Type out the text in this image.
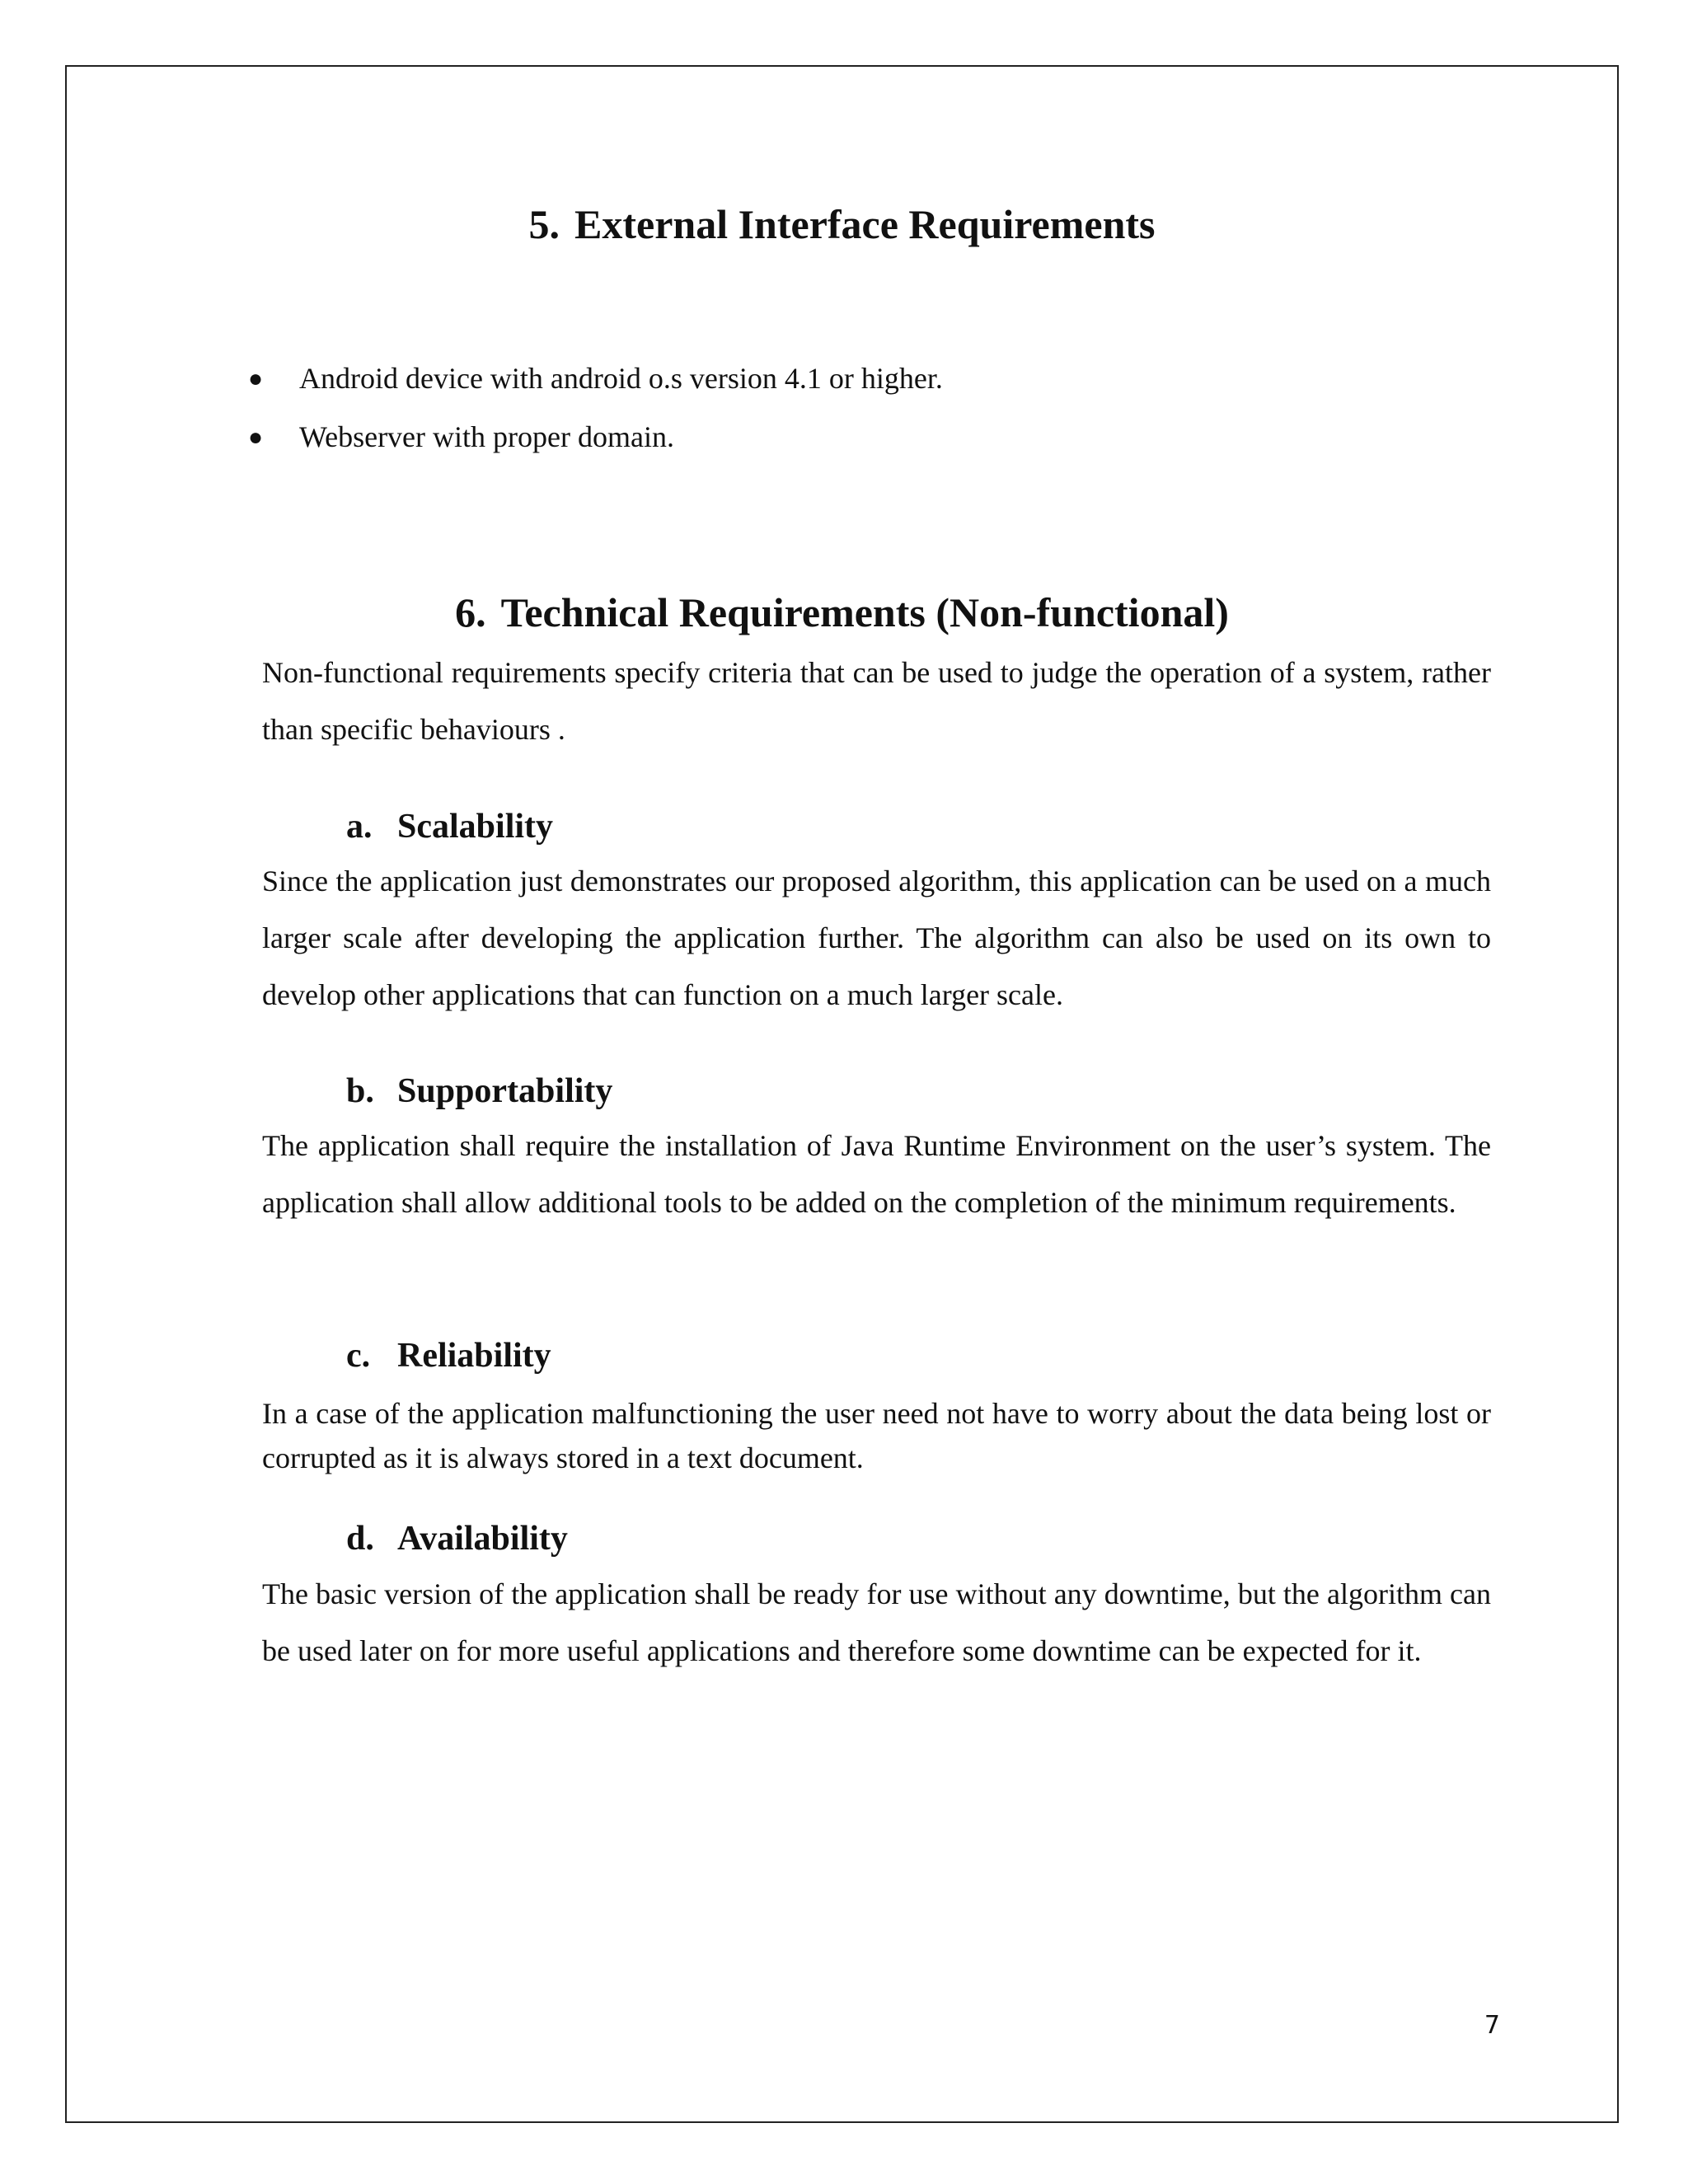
5. External Interface Requirements
● Android device with android o.s version 4.1 or higher.
● Webserver with proper domain.
6. Technical Requirements (Non-functional)

Non-functional requirements specify criteria that can be used to judge the operation of a system, rather than specific behaviours .

a. Scalability

Since the application just demonstrates our proposed algorithm, this application can be used on a much larger scale after developing the application further. The algorithm can also be used on its own to develop other applications that can function on a much larger scale.

b. Supportability

The application shall require the installation of Java Runtime Environment on the user’s system. The application shall allow additional tools to be added on the completion of the minimum requirements.

c. Reliability

In a case of the application malfunctioning the user need not have to worry about the data being lost or corrupted as it is always stored in a text document.

d. Availability

The basic version of the application shall be ready for use without any downtime, but the algorithm can be used later on for more useful applications and therefore some downtime can be expected for it.

7
